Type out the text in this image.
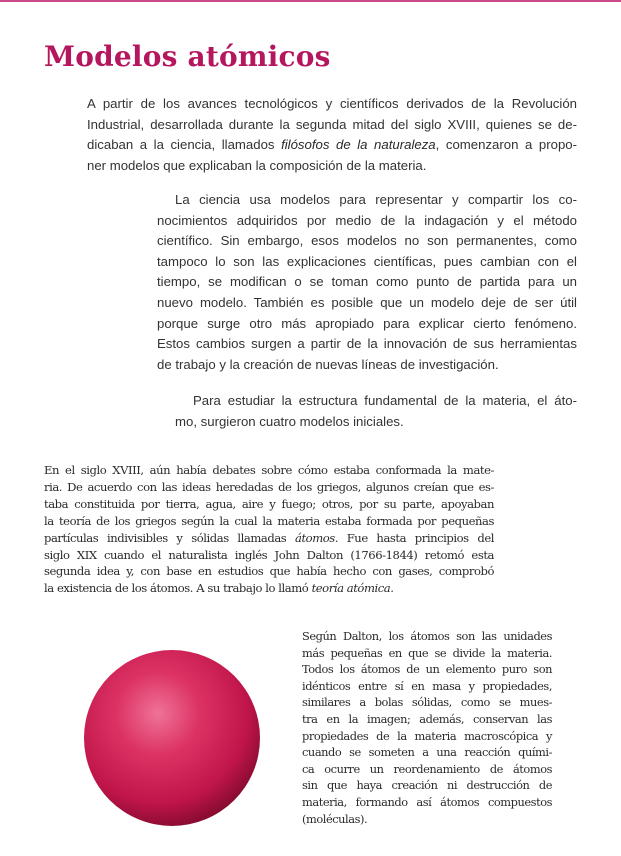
Modelos atómicos
A partir de los avances tecnológicos y científicos derivados de la Revolución
Industrial, desarrollada durante la segunda mitad del siglo XVIII, quienes se de-
dicaban a la ciencia, llamados filósofos de la naturaleza, comenzaron a propo-
ner modelos que explicaban la composición de la materia.
La ciencia usa modelos para representar y compartir los co-
nocimientos adquiridos por medio de la indagación y el método
científico. Sin embargo, esos modelos no son permanentes, como
tampoco lo son las explicaciones científicas, pues cambian con el
tiempo, se modifican o se toman como punto de partida para un
nuevo modelo. También es posible que un modelo deje de ser útil
porque surge otro más apropiado para explicar cierto fenómeno.
Estos cambios surgen a partir de la innovación de sus herramientas
de trabajo y la creación de nuevas líneas de investigación.
Para estudiar la estructura fundamental de la materia, el áto-
mo, surgieron cuatro modelos iniciales.
En el siglo XVIII, aún había debates sobre cómo estaba conformada la mate-
ria. De acuerdo con las ideas heredadas de los griegos, algunos creían que es-
taba constituida por tierra, agua, aire y fuego; otros, por su parte, apoyaban
la teoría de los griegos según la cual la materia estaba formada por pequeñas
partículas indivisibles y sólidas llamadas átomos. Fue hasta principios del
siglo XIX cuando el naturalista inglés John Dalton (1766-1844) retomó esta
segunda idea y, con base en estudios que había hecho con gases, comprobó
la existencia de los átomos. A su trabajo lo llamó teoría atómica.
Según Dalton, los átomos son las unidades
más pequeñas en que se divide la materia.
Todos los átomos de un elemento puro son
idénticos entre sí en masa y propiedades,
similares a bolas sólidas, como se mues-
tra en la imagen; además, conservan las
propiedades de la materia macroscópica y
cuando se someten a una reacción quími-
ca ocurre un reordenamiento de átomos
sin que haya creación ni destrucción de
materia, formando así átomos compuestos
(moléculas).
